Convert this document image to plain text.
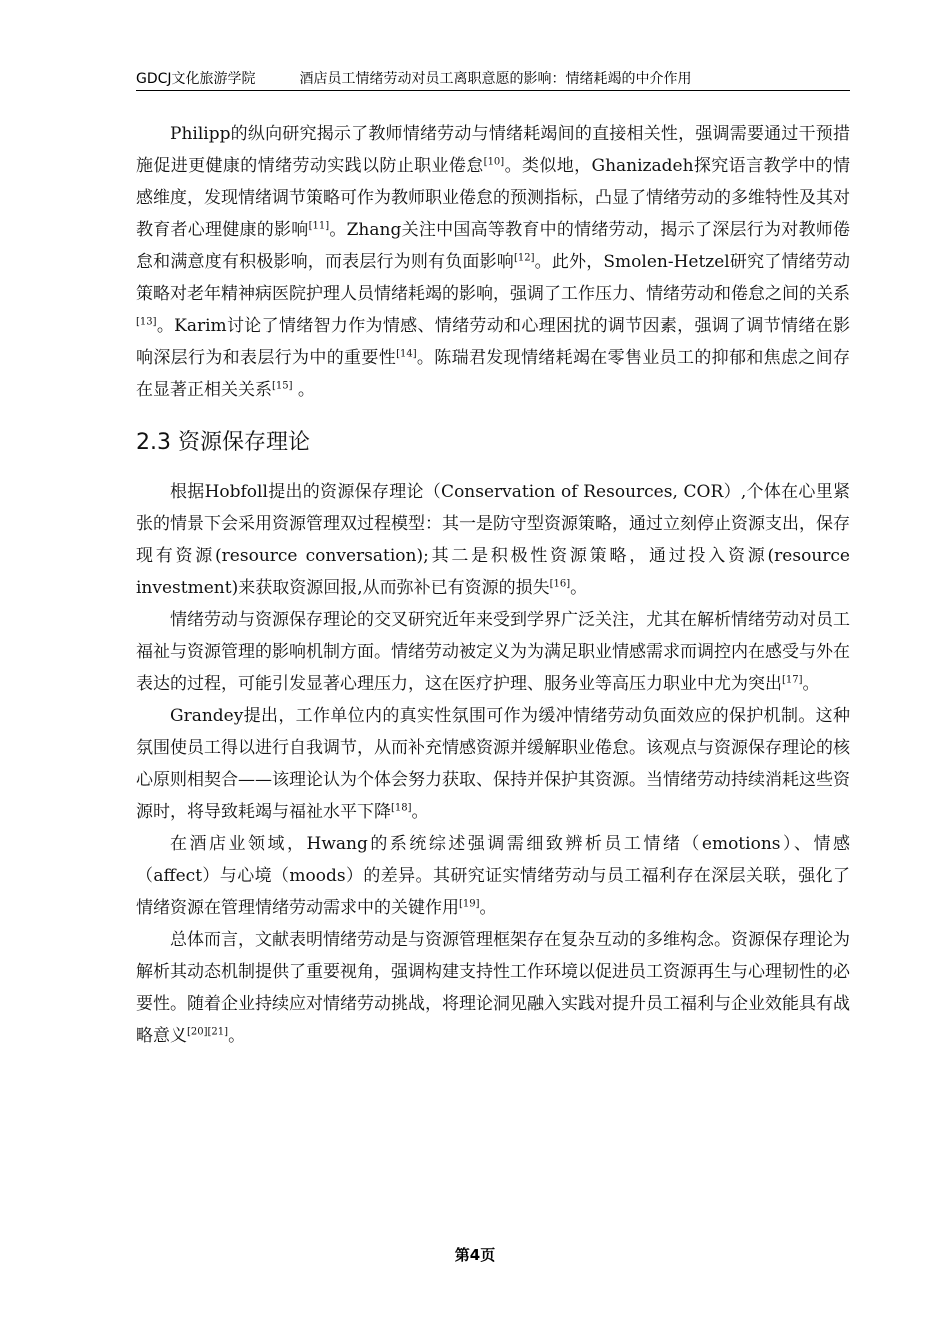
GDCJ文化旅游学院	酒店员工情绪劳动对员工离职意愿的影响：情绪耗竭的中介作用

Philipp的纵向研究揭示了教师情绪劳动与情绪耗竭间的直接相关性，强调需要通过干预措施促进更健康的情绪劳动实践以防止职业倦怠[10]。类似地，Ghanizadeh探究语言教学中的情感维度，发现情绪调节策略可作为教师职业倦怠的预测指标，凸显了情绪劳动的多维特性及其对教育者心理健康的影响[11]。Zhang关注中国高等教育中的情绪劳动，揭示了深层行为对教师倦怠和满意度有积极影响，而表层行为则有负面影响[12]。此外，Smolen-Hetzel研究了情绪劳动策略对老年精神病医院护理人员情绪耗竭的影响，强调了工作压力、情绪劳动和倦怠之间的关系[13]。Karim讨论了情绪智力作为情感、情绪劳动和心理困扰的调节因素，强调了调节情绪在影响深层行为和表层行为中的重要性[14]。陈瑞君发现情绪耗竭在零售业员工的抑郁和焦虑之间存在显著正相关关系[15] 。

2.3 资源保存理论

根据Hobfoll提出的资源保存理论（Conservation of Resources, COR）,个体在心里紧张的情景下会采用资源管理双过程模型：其一是防守型资源策略，通过立刻停止资源支出，保存现有资源(resource conversation);其二是积极性资源策略，通过投入资源(resource investment)来获取资源回报,从而弥补已有资源的损失[16]。

情绪劳动与资源保存理论的交叉研究近年来受到学界广泛关注，尤其在解析情绪劳动对员工福祉与资源管理的影响机制方面。情绪劳动被定义为为满足职业情感需求而调控内在感受与外在表达的过程，可能引发显著心理压力，这在医疗护理、服务业等高压力职业中尤为突出[17]。

Grandey提出，工作单位内的真实性氛围可作为缓冲情绪劳动负面效应的保护机制。这种氛围使员工得以进行自我调节，从而补充情感资源并缓解职业倦怠。该观点与资源保存理论的核心原则相契合——该理论认为个体会努力获取、保持并保护其资源。当情绪劳动持续消耗这些资源时，将导致耗竭与福祉水平下降[18]。

在酒店业领域，Hwang的系统综述强调需细致辨析员工情绪（emotions）、情感（affect）与心境（moods）的差异。其研究证实情绪劳动与员工福利存在深层关联，强化了情绪资源在管理情绪劳动需求中的关键作用[19]。

总体而言，文献表明情绪劳动是与资源管理框架存在复杂互动的多维构念。资源保存理论为解析其动态机制提供了重要视角，强调构建支持性工作环境以促进员工资源再生与心理韧性的必要性。随着企业持续应对情绪劳动挑战，将理论洞见融入实践对提升员工福利与企业效能具有战略意义[20][21]。

第4页
